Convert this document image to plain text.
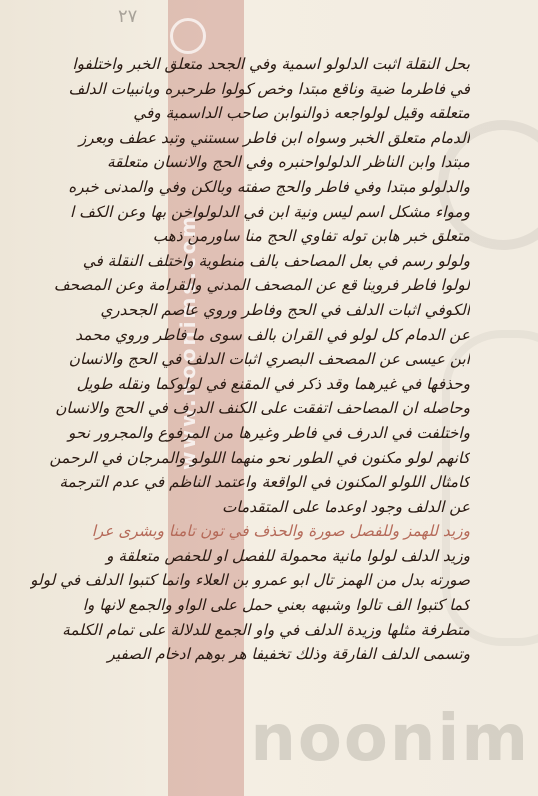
www.noonims.com
٢٧
بحل النقلة اثبت الدلولو اسمية وفي الجحد متعلق الخبر واختلفوا
في فاطرما ضية وناقع مبتدا وخص كولوا طرحبره وبانبيات الدلف
متعلقه وقيل لولواجعه ذوالنوابن صاحب الداسمية وفي
الدمام متعلق الخبر وسواه ابن فاطر سستني وتبد عطف وبعرز
مبتدا وابن الناظر الدلولواحنبره وفي الحج والانسان متعلقة
والدلولو مبتدا وفي فاطر والحج صفته وبالكن وفي والمدنى خبره
ومواء مشكل اسم ليس ونية ابن في الدلولواخن بها وعن الكف ا
متعلق خبر هابن توله تفاوي الحج منا ساورمن ذهب
ولولو رسم في بعل المصاحف بالف منطوية واختلف النقلة في
لولوا فاطر فروينا قع عن المصحف المدني والقرامة وعن المصحف
الكوفي اثبات الدلف في الحج وفاطر وروي عاصم الجحدري
عن الدمام كل لولو في القران بالف سوى ما فاطر وروي محمد
ابن عيسى عن المصحف البصري اثبات الدلف في الحج والانسان
وحذفها في غيرهما وقد ذكر في المقنع في لولوكما ونقله طويل
وحاصله ان المصاحف اتفقت على الكنف الدرف في الحج والانسان
واختلفت في الدرف في فاطر وغيرها من المرفوع والمجرور نحو
كانهم لولو مكنون في الطور نحو منهما اللولو والمرجان في الرحمن
كامثال اللولو المكنون في الواقعة واعتمد الناظم في عدم الترجمة
عن الدلف وجود اوعدما على المتقدمات
وزيد للهمز وللفصل صورة والحذف في تون تامنا وبشرى عرا
وزيد الدلف لولوا مانية محمولة للفصل او للحفص متعلقة و
صورته بدل من الهمز تال ابو عمرو بن العلاء وانما كتبوا الدلف في لولو
كما كتبوا الف تالوا وشبهه بعني حمل على الواو والجمع لانها وا
متطرفة مثلها وزيدة الدلف في واو الجمع للدلالة على تمام الكلمة
وتسمى الدلف الفارقة وذلك تخفيفا هر بوهم ادخام الصفير
noonim
